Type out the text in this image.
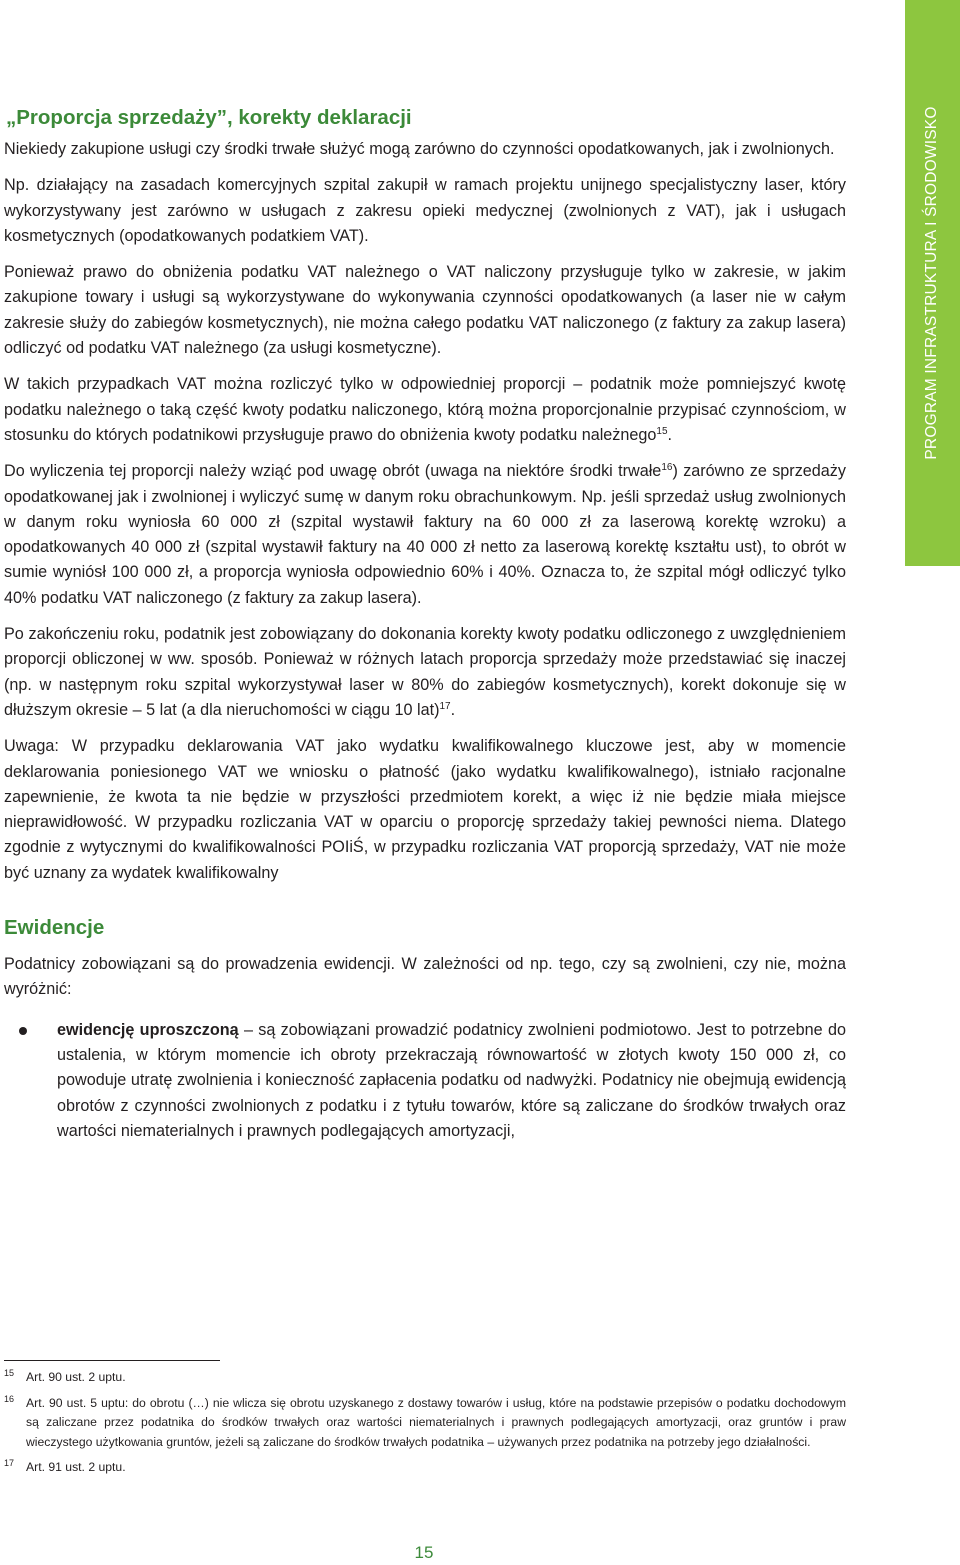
PROGRAM INFRASTRUKTURA I ŚRODOWISKO
„Proporcja sprzedaży”, korekty deklaracji

Niekiedy zakupione usługi czy środki trwałe służyć mogą zarówno do czynności opodatkowanych, jak i zwolnionych.

Np. działający na zasadach komercyjnych szpital zakupił w ramach projektu unijnego specjalistyczny laser, który wykorzystywany jest zarówno w usługach z zakresu opieki medycznej (zwolnionych z VAT), jak i usługach kosmetycznych (opodatkowanych podatkiem VAT).

Ponieważ prawo do obniżenia podatku VAT należnego o VAT naliczony przysługuje tylko w zakresie, w jakim zakupione towary i usługi są wykorzystywane do wykonywania czynności opodatkowanych (a laser nie w całym zakresie służy do zabiegów kosmetycznych), nie można całego podatku VAT naliczonego (z faktury za zakup lasera) odliczyć od podatku VAT należnego (za usługi kosmetyczne).

W takich przypadkach VAT można rozliczyć tylko w odpowiedniej proporcji – podatnik może pomniejszyć kwotę podatku należnego o taką część kwoty podatku naliczonego, którą można proporcjonalnie przypisać czynnościom, w stosunku do których podatnikowi przysługuje prawo do obniżenia kwoty podatku należnego$^{15}$.

Do wyliczenia tej proporcji należy wziąć pod uwagę obrót (uwaga na niektóre środki trwałe$^{16}$) zarówno ze sprzedaży opodatkowanej jak i zwolnionej i wyliczyć sumę w danym roku obrachunkowym. Np. jeśli sprzedaż usług zwolnionych w danym roku wyniosła 60 000 zł (szpital wystawił faktury na 60 000 zł za laserową korektę wzroku) a opodatkowanych 40 000 zł (szpital wystawił faktury na 40 000 zł netto za laserową korektę kształtu ust), to obrót w sumie wyniósł 100 000 zł, a proporcja wyniosła odpowiednio 60% i 40%. Oznacza to, że szpital mógł odliczyć tylko 40% podatku VAT naliczonego (z faktury za zakup lasera).

Po zakończeniu roku, podatnik jest zobowiązany do dokonania korekty kwoty podatku odliczonego z uwzględnieniem proporcji obliczonej w ww. sposób. Ponieważ w różnych latach proporcja sprzedaży może przedstawiać się inaczej (np. w następnym roku szpital wykorzystywał laser w 80% do zabiegów kosmetycznych), korekt dokonuje się w dłuższym okresie – 5 lat (a dla nieruchomości w ciągu 10 lat)$^{17}$.

Uwaga: W przypadku deklarowania VAT jako wydatku kwalifikowalnego kluczowe jest, aby w momencie deklarowania poniesionego VAT we wniosku o płatność (jako wydatku kwalifikowalnego), istniało racjonalne zapewnienie, że kwota ta nie będzie w przyszłości przedmiotem korekt, a więc iż nie będzie miała miejsce nieprawidłowość. W przypadku rozliczania VAT w oparciu o proporcję sprzedaży takiej pewności niema. Dlatego zgodnie z wytycznymi do kwalifikowalności POIiŚ, w przypadku rozliczania VAT proporcją sprzedaży, VAT nie może być uznany za wydatek kwalifikowalny

Ewidencje

Podatnicy zobowiązani są do prowadzenia ewidencji. W zależności od np. tego, czy są zwolnieni, czy nie, można wyróżnić:

ewidencję uproszczoną – są zobowiązani prowadzić podatnicy zwolnieni podmiotowo. Jest to potrzebne do ustalenia, w którym momencie ich obroty przekraczają równowartość w złotych kwoty 150 000 zł, co powoduje utratę zwolnienia i konieczność zapłacenia podatku od nadwyżki. Podatnicy nie obejmują ewidencją obrotów z czynności zwolnionych z podatku i z tytułu towarów, które są zaliczane do środków trwałych oraz wartości niematerialnych i prawnych podlegających amortyzacji,
15 Art. 90 ust. 2 uptu.
16 Art. 90 ust. 5 uptu: do obrotu (…) nie wlicza się obrotu uzyskanego z dostawy towarów i usług, które na podstawie przepisów o podatku dochodowym są zaliczane przez podatnika do środków trwałych oraz wartości niematerialnych i prawnych podlegających amortyzacji, oraz gruntów i praw wieczystego użytkowania gruntów, jeżeli są zaliczane do środków trwałych podatnika – używanych przez podatnika na potrzeby jego działalności.
17 Art. 91 ust. 2 uptu.
15
